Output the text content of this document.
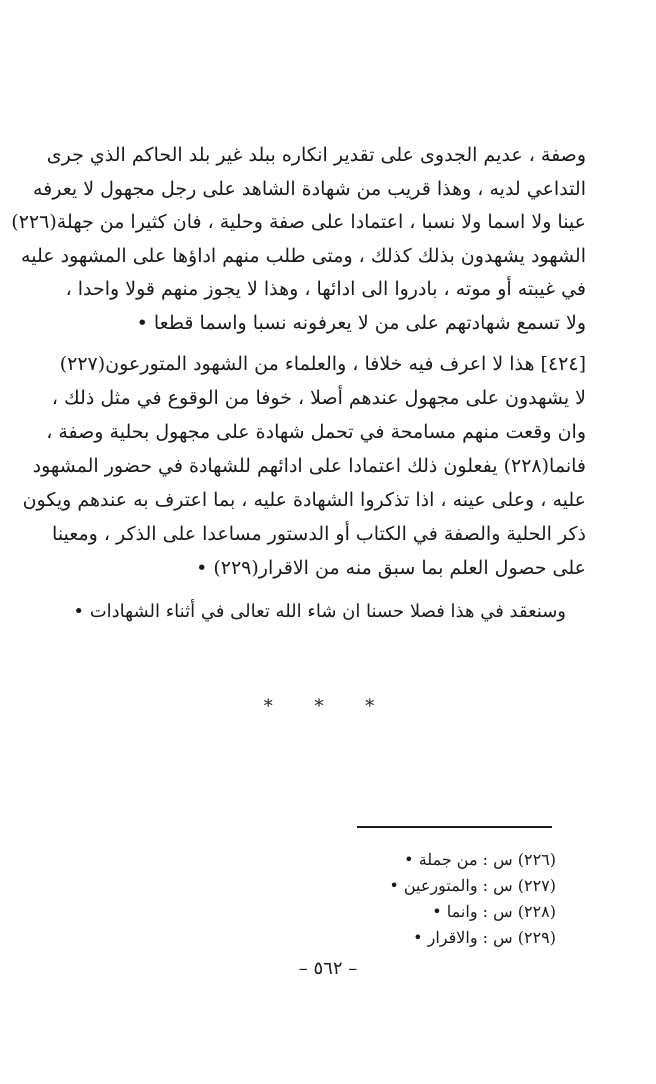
وصفة ، عديم الجدوى على تقدير انكاره ببلد غير بلد الحاكم الذي جرى
التداعي لديه ، وهذا قريب من شهادة الشاهد على رجل مجهول لا يعرفه
عينا ولا اسما ولا نسبا ، اعتمادا على صفة وحلية ، فان كثيرا من جهلة(٢٢٦)
الشهود يشهدون بذلك كذلك ، ومتى طلب منهم اداؤها على المشهود عليه
في غيبته أو موته ، بادروا الى ادائها ، وهذا لا يجوز منهم قولا واحدا ،
ولا تسمع شهادتهم على من لا يعرفونه نسبا واسما قطعا •
[٤٢٤] هذا لا اعرف فيه خلافا ، والعلماء من الشهود المتورعون(٢٢٧)
لا يشهدون على مجهول عندهم أصلا ، خوفا من الوقوع في مثل ذلك ،
وان وقعت منهم مسامحة في تحمل شهادة على مجهول بحلية وصفة ،
فانما(٢٢٨) يفعلون ذلك اعتمادا على ادائهم للشهادة في حضور المشهود
عليه ، وعلى عينه ، اذا تذكروا الشهادة عليه ، بما اعترف به عندهم ويكون
ذكر الحلية والصفة في الكتاب أو الدستور مساعدا على الذكر ، ومعينا
على حصول العلم بما سبق منه من الاقرار(٢٢٩) •
وسنعقد في هذا فصلا حسنا ان شاء الله تعالى في أثناء الشهادات •
* * *
(٢٢٦) س : من جملة •
(٢٢٧) س : والمتورعين •
(٢٢٨) س : وانما •
(٢٢٩) س : والاقرار •
– ٥٦٢ –
